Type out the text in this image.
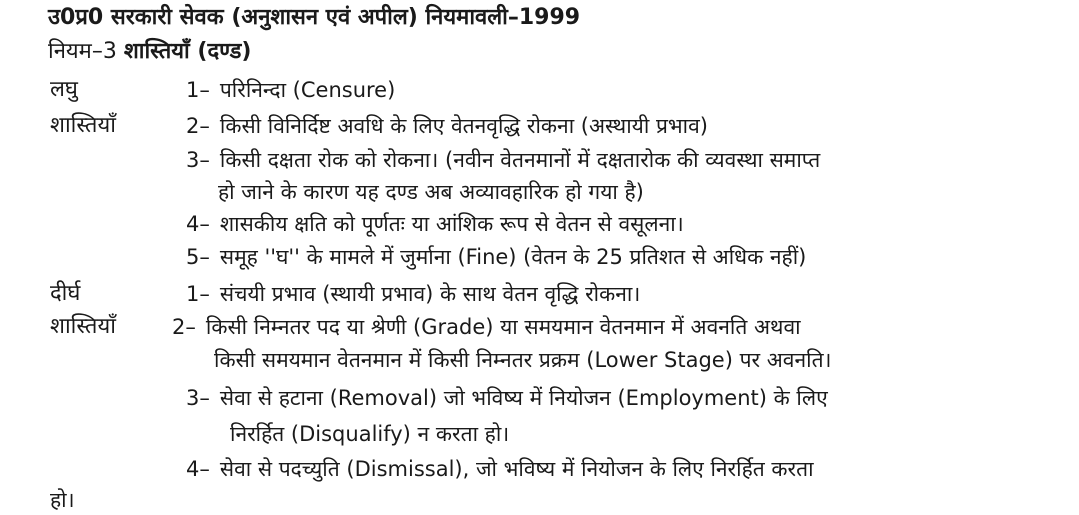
उ0प्र0 सरकारी सेवक (अनुशासन एवं अपील) नियमावली–1999
नियम–3 शास्तियाँ (दण्ड)
लघु
शास्तियाँ
1– परिनिन्दा (Censure)
2– किसी विनिर्दिष्ट अवधि के लिए वेतनवृद्धि रोकना (अस्थायी प्रभाव)
3– किसी दक्षता रोक को रोकना। (नवीन वेतनमानों में दक्षतारोक की व्यवस्था समाप्त
हो जाने के कारण यह दण्ड अब अव्यावहारिक हो गया है)
4– शासकीय क्षति को पूर्णतः या आंशिक रूप से वेतन से वसूलना।
5– समूह ''घ'' के मामले में जुर्माना (Fine) (वेतन के 25 प्रतिशत से अधिक नहीं)
दीर्घ
शास्तियाँ
1– संचयी प्रभाव (स्थायी प्रभाव) के साथ वेतन वृद्धि रोकना।
2– किसी निम्नतर पद या श्रेणी (Grade) या समयमान वेतनमान में अवनति अथवा
किसी समयमान वेतनमान में किसी निम्नतर प्रक्रम (Lower Stage) पर अवनति।
3– सेवा से हटाना (Removal) जो भविष्य में नियोजन (Employment) के लिए
निरर्हित (Disqualify) न करता हो।
4– सेवा से पदच्युति (Dismissal), जो भविष्य में नियोजन के लिए निरर्हित करता
हो।
